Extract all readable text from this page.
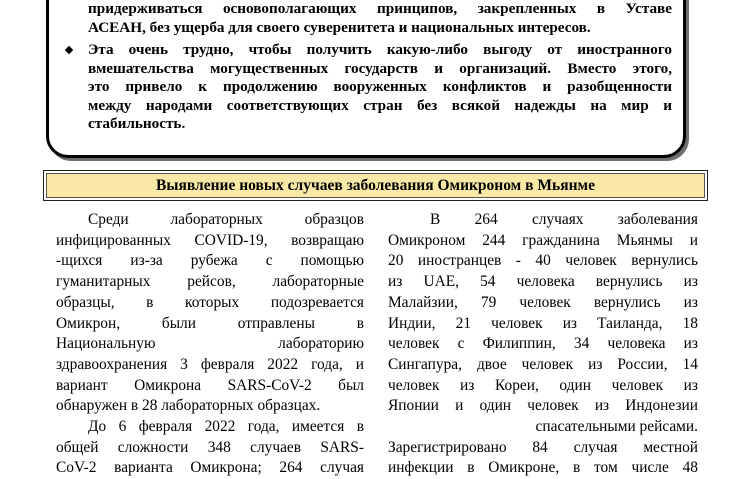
придерживаться основополагающих принципов, закрепленных в Уставе
АСЕАН, без ущерба для своего суверенитета и национальных интересов.
Эта очень трудно, чтобы получить какую-либо выгоду от иностранного
вмешательства могущественных государств и организаций. Вместо этого,
это привело к продолжению вооруженных конфликтов и разобщенности
между народами соответствующих стран без всякой надежды на мир и
стабильность.
Выявление новых случаев заболевания Омикроном в Мьянме
Среди лабораторных образцов
инфицированных COVID-19, возвращаю
-щихся из-за рубежа с помощью
гуманитарных рейсов, лабораторные
образцы, в которых подозревается
Омикрон, были отправлены в
Национальную лабораторию
здравоохранения 3 февраля 2022 года, и
вариант Омикрона SARS-CoV-2 был
обнаружен в 28 лабораторных образцах.
До 6 февраля 2022 года, имеется в
общей сложности 348 случаев SARS-
CoV-2 варианта Омикрона; 264 случая
В 264 случаях заболевания
Омикроном 244 гражданина Мьянмы и
20 иностранцев - 40 человек вернулись
из UAE, 54 человека вернулись из
Малайзии, 79 человек вернулись из
Индии, 21 человек из Таиланда, 18
человек с Филиппин, 34 человека из
Сингапура, двое человек из России, 14
человек из Кореи, один человек из
Японии и один человек из Индонезии
спасательными рейсами.
Зарегистрировано 84 случая местной
инфекции в Омикроне, в том числе 48
